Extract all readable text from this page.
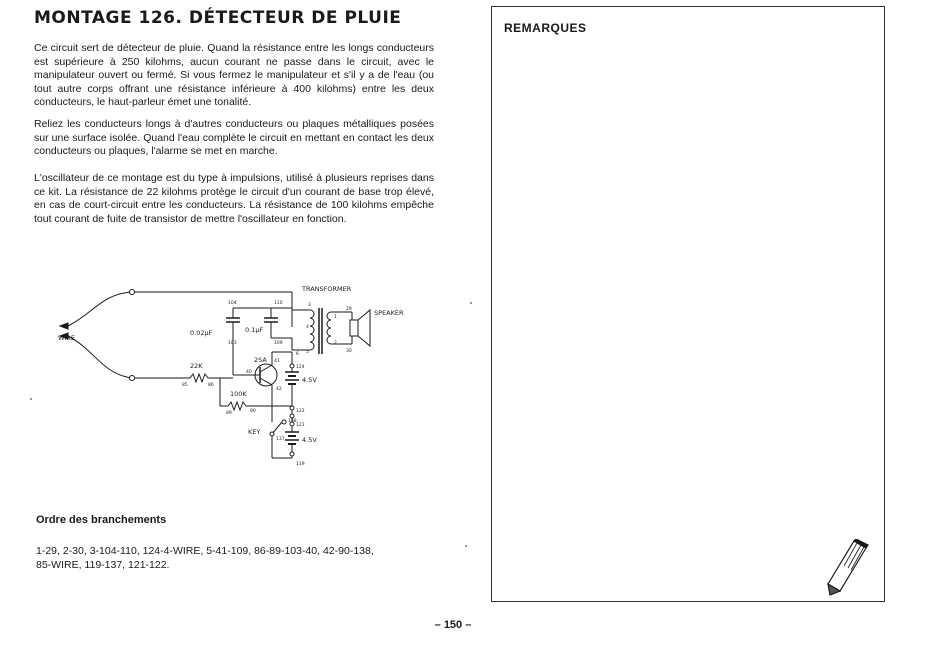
MONTAGE 126. DÉTECTEUR DE PLUIE

Ce circuit sert de détecteur de pluie. Quand la résistance entre les longs conducteurs est supérieure à 250 kilohms, aucun courant ne passe dans le circuit, avec le manipulateur ouvert ou fermé. Si vous fermez le manipulateur et s'il y a de l'eau (ou tout autre corps offrant une résistance inférieure à 400 kilohms) entre les deux conducteurs, le haut-parleur émet une tonalité.

Reliez les conducteurs longs à d'autres conducteurs ou plaques métalliques posées sur une surface isolée. Quand l'eau complète le circuit en mettant en contact les deux conducteurs ou plaques, l'alarme se met en marche.

L'oscillateur de ce montage est du type à impulsions, utilisé à plusieurs reprises dans ce kit. La résistance de 22 kilohms protège le circuit d'un courant de base trop élevé, en cas de court-circuit entre les conducteurs. La résistance de 100 kilohms empêche tout courant de fuite de transistor de mettre l'oscillateur en fonction.

TRANSFORMER
SPEAKER
WIRE
KEY
0.02μF	0.1μF
22K
100K
2SA
4.5V
4.5V
3
4
5
1
2
29
30
104
103
110
109
41
40
42
85	86
89	90
124
138
137
122
121
119
6

Ordre des branchements

1-29, 2-30, 3-104-110, 124-4-WIRE, 5-41-109, 86-89-103-40, 42-90-138,
85-WIRE, 119-137, 121-122.

REMARQUES

– 150 –
